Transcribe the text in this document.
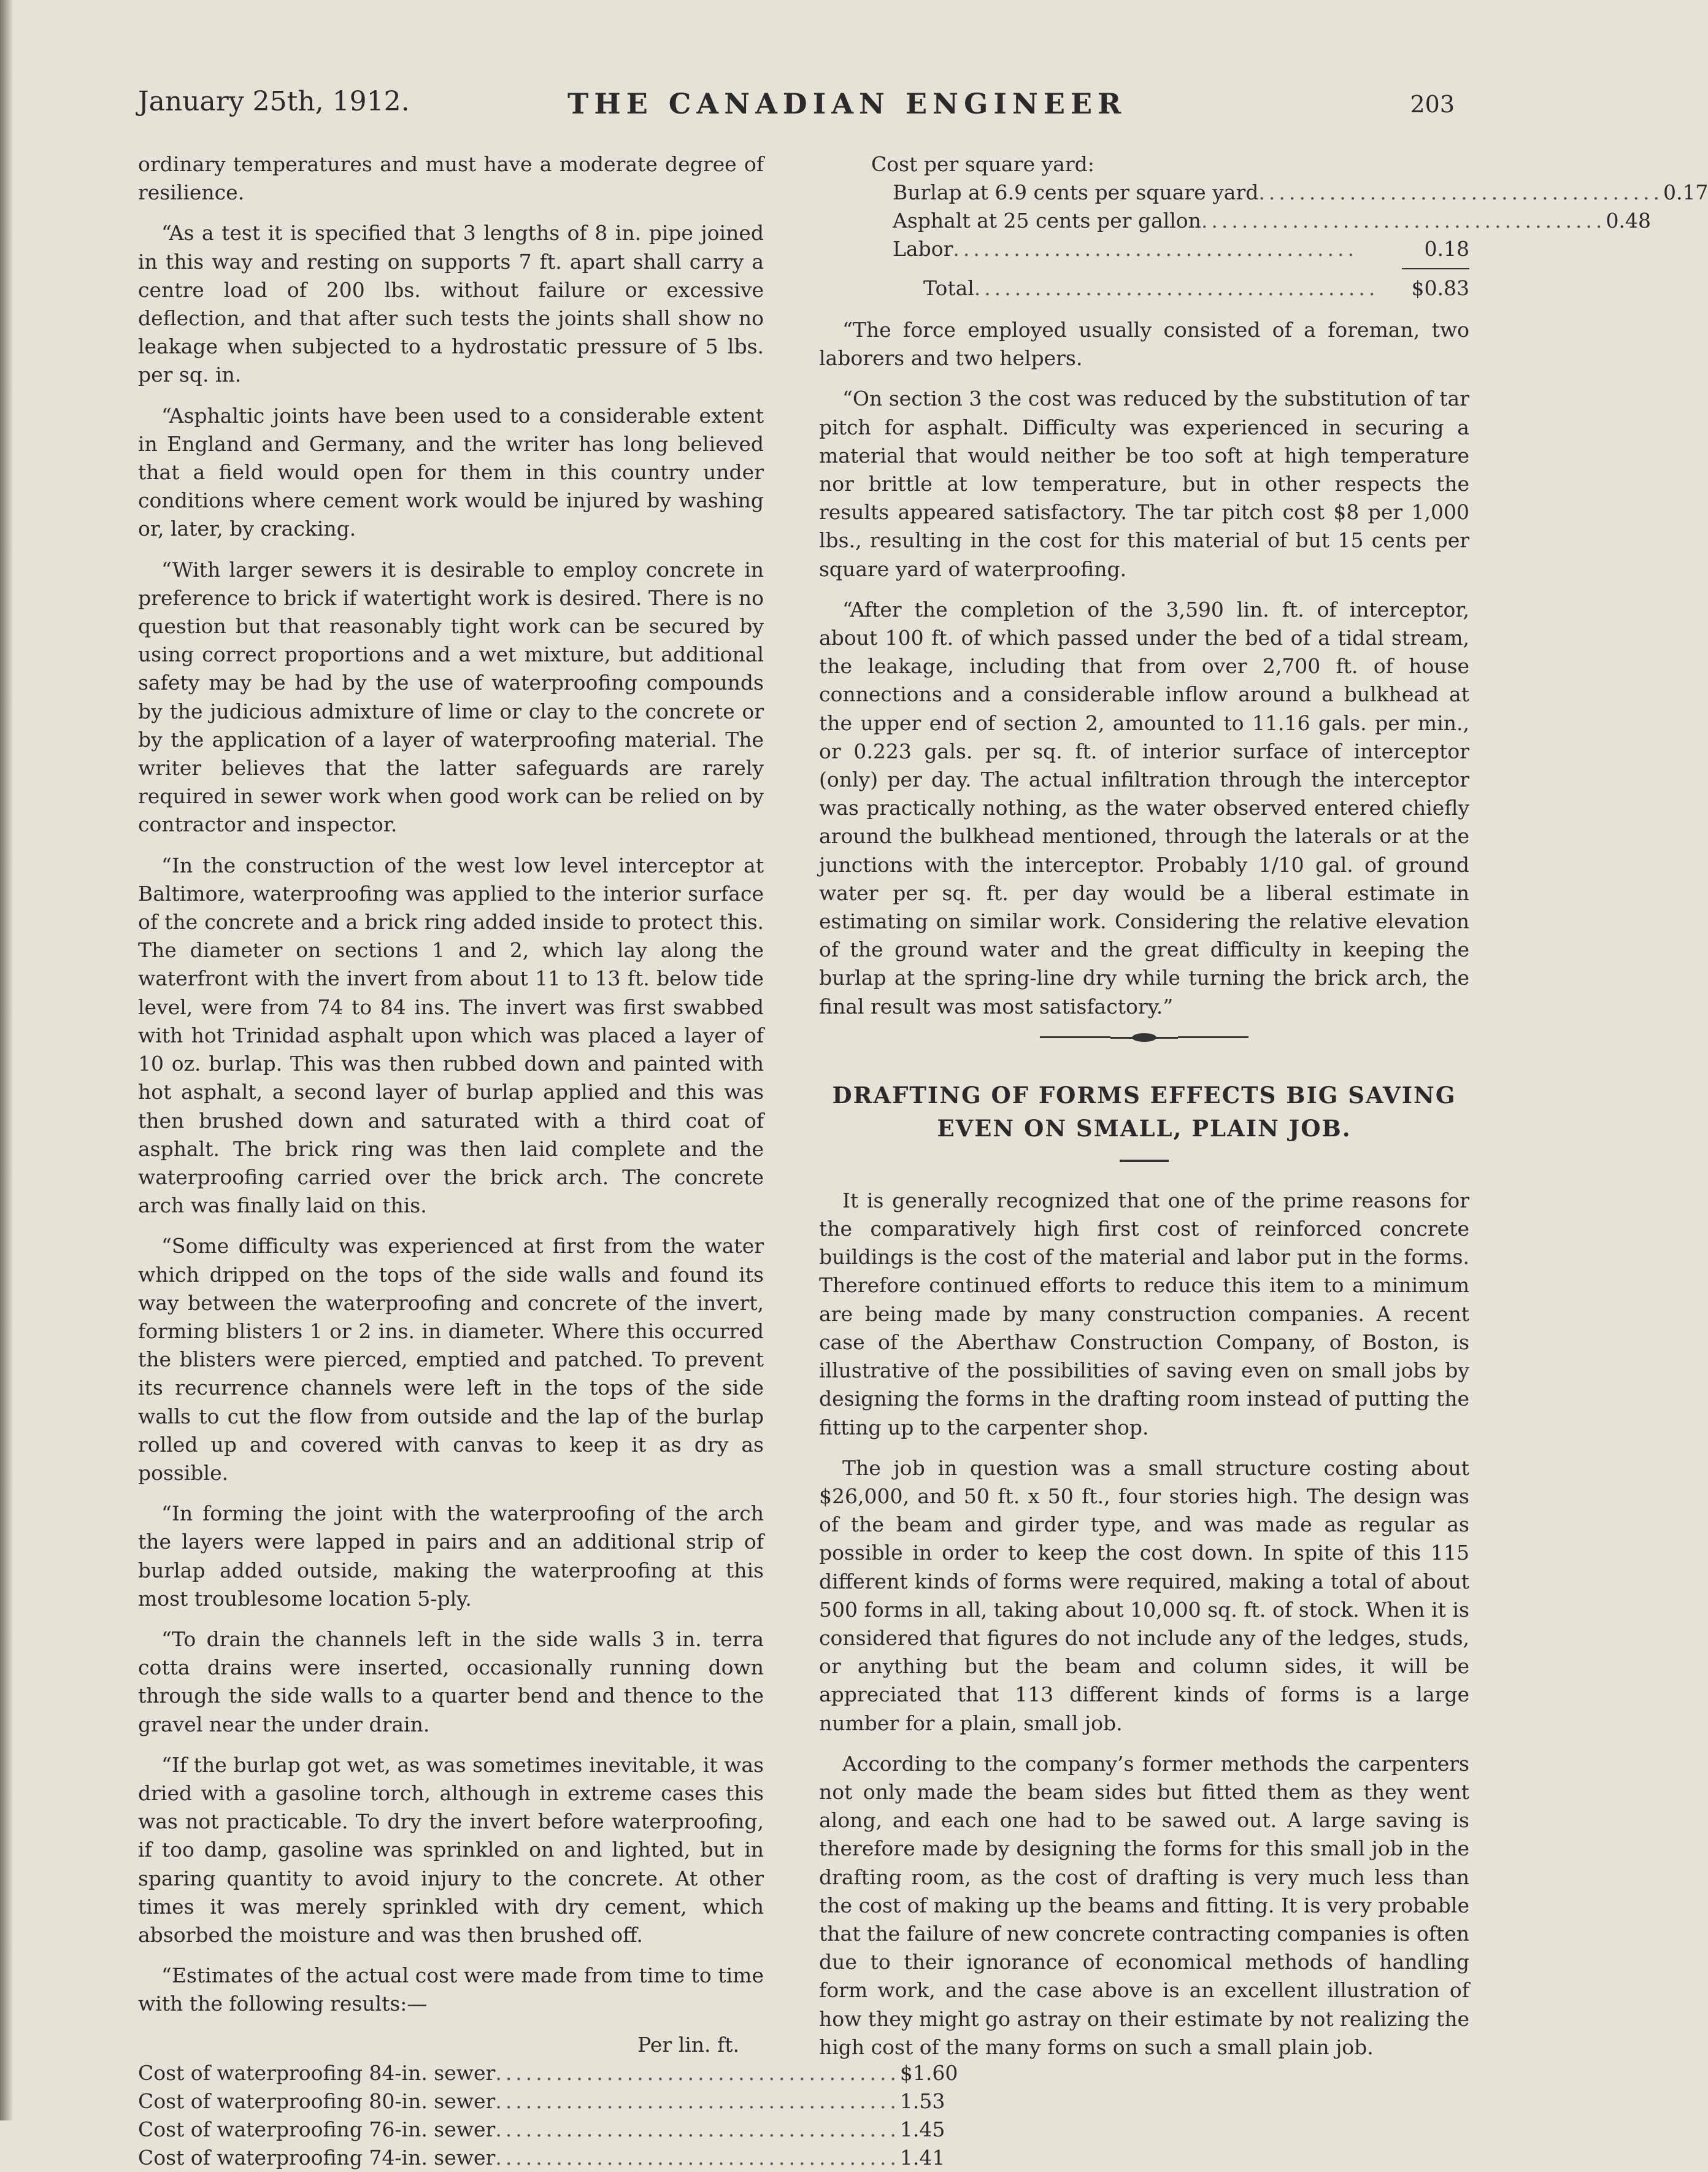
January 25th, 1912.	THE CANADIAN ENGINEER	203

ordinary temperatures and must have a moderate degree of resilience.

“As a test it is specified that 3 lengths of 8 in. pipe joined in this way and resting on supports 7 ft. apart shall carry a centre load of 200 lbs. without failure or excessive deflection, and that after such tests the joints shall show no leakage when subjected to a hydrostatic pressure of 5 lbs. per sq. in.

“Asphaltic joints have been used to a considerable extent in England and Germany, and the writer has long believed that a field would open for them in this country under conditions where cement work would be injured by washing or, later, by cracking.

“With larger sewers it is desirable to employ concrete in preference to brick if watertight work is desired. There is no question but that reasonably tight work can be secured by using correct proportions and a wet mixture, but additional safety may be had by the use of waterproofing compounds by the judicious admixture of lime or clay to the concrete or by the application of a layer of waterproofing material. The writer believes that the latter safeguards are rarely required in sewer work when good work can be relied on by contractor and inspector.

“In the construction of the west low level interceptor at Baltimore, waterproofing was applied to the interior surface of the concrete and a brick ring added inside to protect this. The diameter on sections 1 and 2, which lay along the waterfront with the invert from about 11 to 13 ft. below tide level, were from 74 to 84 ins. The invert was first swabbed with hot Trinidad asphalt upon which was placed a layer of 10 oz. burlap. This was then rubbed down and painted with hot asphalt, a second layer of burlap applied and this was then brushed down and saturated with a third coat of asphalt. The brick ring was then laid complete and the waterproofing carried over the brick arch. The concrete arch was finally laid on this.

“Some difficulty was experienced at first from the water which dripped on the tops of the side walls and found its way between the waterproofing and concrete of the invert, forming blisters 1 or 2 ins. in diameter. Where this occurred the blisters were pierced, emptied and patched. To prevent its recurrence channels were left in the tops of the side walls to cut the flow from outside and the lap of the burlap rolled up and covered with canvas to keep it as dry as possible.

“In forming the joint with the waterproofing of the arch the layers were lapped in pairs and an additional strip of burlap added outside, making the waterproofing at this most troublesome location 5-ply.

“To drain the channels left in the side walls 3 in. terra cotta drains were inserted, occasionally running down through the side walls to a quarter bend and thence to the gravel near the under drain.

“If the burlap got wet, as was sometimes inevitable, it was dried with a gasoline torch, although in extreme cases this was not practicable. To dry the invert before waterproofing, if too damp, gasoline was sprinkled on and lighted, but in sparing quantity to avoid injury to the concrete. At other times it was merely sprinkled with dry cement, which absorbed the moisture and was then brushed off.

“Estimates of the actual cost were made from time to time with the following results:—

Per lin. ft.
Cost of waterproofing 84-in. sewer ........................................ $1.60
Cost of waterproofing 80-in. sewer ........................................ 1.53
Cost of waterproofing 76-in. sewer ........................................ 1.45
Cost of waterproofing 74-in. sewer ........................................ 1.41
Cost per square yard:
Burlap at 6.9 cents per square yard ........................................ 0.17
Asphalt at 25 cents per gallon ........................................ 0.48
Labor ........................................	0.18
Total ........................................	$0.83

“The force employed usually consisted of a foreman, two laborers and two helpers.

“On section 3 the cost was reduced by the substitution of tar pitch for asphalt. Difficulty was experienced in securing a material that would neither be too soft at high temperature nor brittle at low temperature, but in other respects the results appeared satisfactory. The tar pitch cost $8 per 1,000 lbs., resulting in the cost for this material of but 15 cents per square yard of waterproofing.

“After the completion of the 3,590 lin. ft. of interceptor, about 100 ft. of which passed under the bed of a tidal stream, the leakage, including that from over 2,700 ft. of house connections and a considerable inflow around a bulkhead at the upper end of section 2, amounted to 11.16 gals. per min., or 0.223 gals. per sq. ft. of interior surface of interceptor (only) per day. The actual infiltration through the interceptor was practically nothing, as the water observed entered chiefly around the bulkhead mentioned, through the laterals or at the junctions with the interceptor. Probably 1/10 gal. of ground water per sq. ft. per day would be a liberal estimate in estimating on similar work. Considering the relative elevation of the ground water and the great difficulty in keeping the burlap at the spring-line dry while turning the brick arch, the final result was most satisfactory.”

DRAFTING OF FORMS EFFECTS BIG SAVING
EVEN ON SMALL, PLAIN JOB.

It is generally recognized that one of the prime reasons for the comparatively high first cost of reinforced concrete buildings is the cost of the material and labor put in the forms. Therefore continued efforts to reduce this item to a minimum are being made by many construction companies. A recent case of the Aberthaw Construction Company, of Boston, is illustrative of the possibilities of saving even on small jobs by designing the forms in the drafting room instead of putting the fitting up to the carpenter shop.

The job in question was a small structure costing about $26,000, and 50 ft. x 50 ft., four stories high. The design was of the beam and girder type, and was made as regular as possible in order to keep the cost down. In spite of this 115 different kinds of forms were required, making a total of about 500 forms in all, taking about 10,000 sq. ft. of stock. When it is considered that figures do not include any of the ledges, studs, or anything but the beam and column sides, it will be appreciated that 113 different kinds of forms is a large number for a plain, small job.

According to the company’s former methods the carpenters not only made the beam sides but fitted them as they went along, and each one had to be sawed out. A large saving is therefore made by designing the forms for this small job in the drafting room, as the cost of drafting is very much less than the cost of making up the beams and fitting. It is very probable that the failure of new concrete contracting companies is often due to their ignorance of economical methods of handling form work, and the case above is an excellent illustration of how they might go astray on their estimate by not realizing the high cost of the many forms on such a small plain job.
